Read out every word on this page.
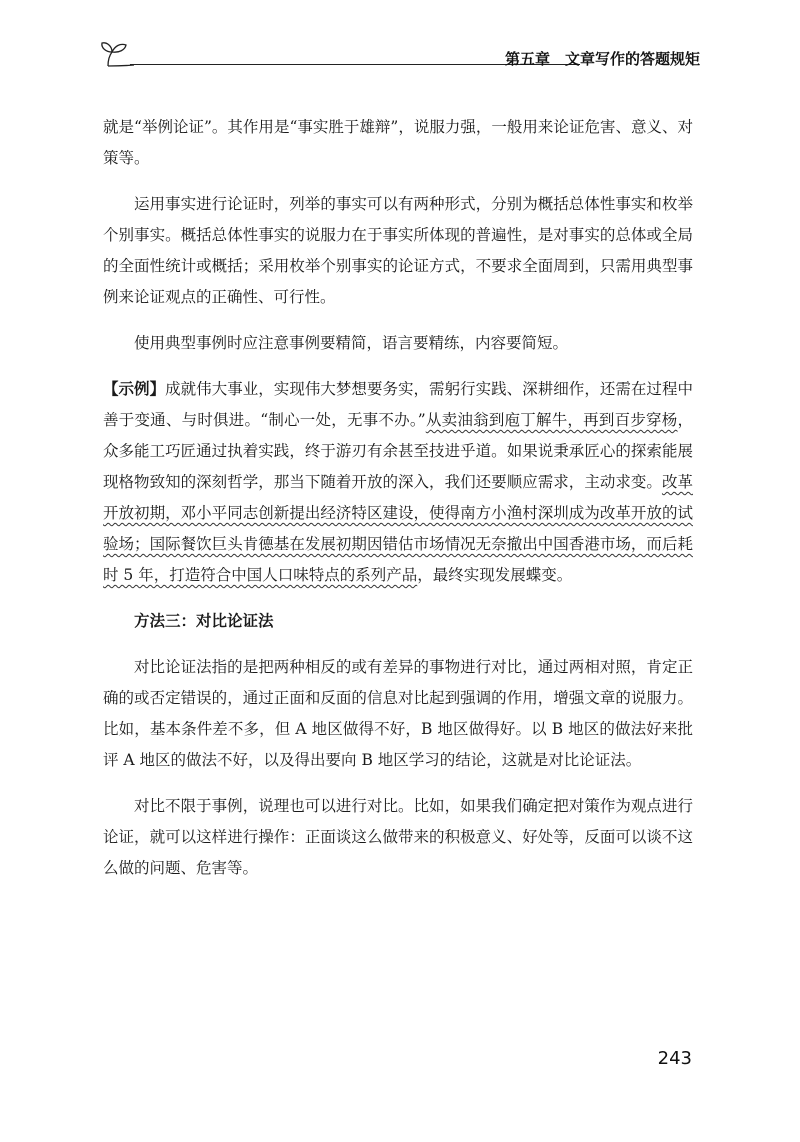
第五章　文章写作的答题规矩

就是“举例论证”。其作用是“事实胜于雄辩”，说服力强，一般用来论证危害、意义、对策等。

运用事实进行论证时，列举的事实可以有两种形式，分别为概括总体性事实和枚举个别事实。概括总体性事实的说服力在于事实所体现的普遍性，是对事实的总体或全局的全面性统计或概括；采用枚举个别事实的论证方式，不要求全面周到，只需用典型事例来论证观点的正确性、可行性。

使用典型事例时应注意事例要精简，语言要精练，内容要简短。

【示例】成就伟大事业，实现伟大梦想要务实，需躬行实践、深耕细作，还需在过程中善于变通、与时俱进。“制心一处，无事不办。”从卖油翁到庖丁解牛，再到百步穿杨，众多能工巧匠通过执着实践，终于游刃有余甚至技进乎道。如果说秉承匠心的探索能展现格物致知的深刻哲学，那当下随着开放的深入，我们还要顺应需求，主动求变。改革开放初期，邓小平同志创新提出经济特区建设，使得南方小渔村深圳成为改革开放的试验场；国际餐饮巨头肯德基在发展初期因错估市场情况无奈撤出中国香港市场，而后耗时 5 年，打造符合中国人口味特点的系列产品，最终实现发展蝶变。

方法三：对比论证法

对比论证法指的是把两种相反的或有差异的事物进行对比，通过两相对照，肯定正确的或否定错误的，通过正面和反面的信息对比起到强调的作用，增强文章的说服力。比如，基本条件差不多，但 A 地区做得不好，B 地区做得好。以 B 地区的做法好来批评 A 地区的做法不好，以及得出要向 B 地区学习的结论，这就是对比论证法。

对比不限于事例，说理也可以进行对比。比如，如果我们确定把对策作为观点进行论证，就可以这样进行操作：正面谈这么做带来的积极意义、好处等，反面可以谈不这么做的问题、危害等。

243
